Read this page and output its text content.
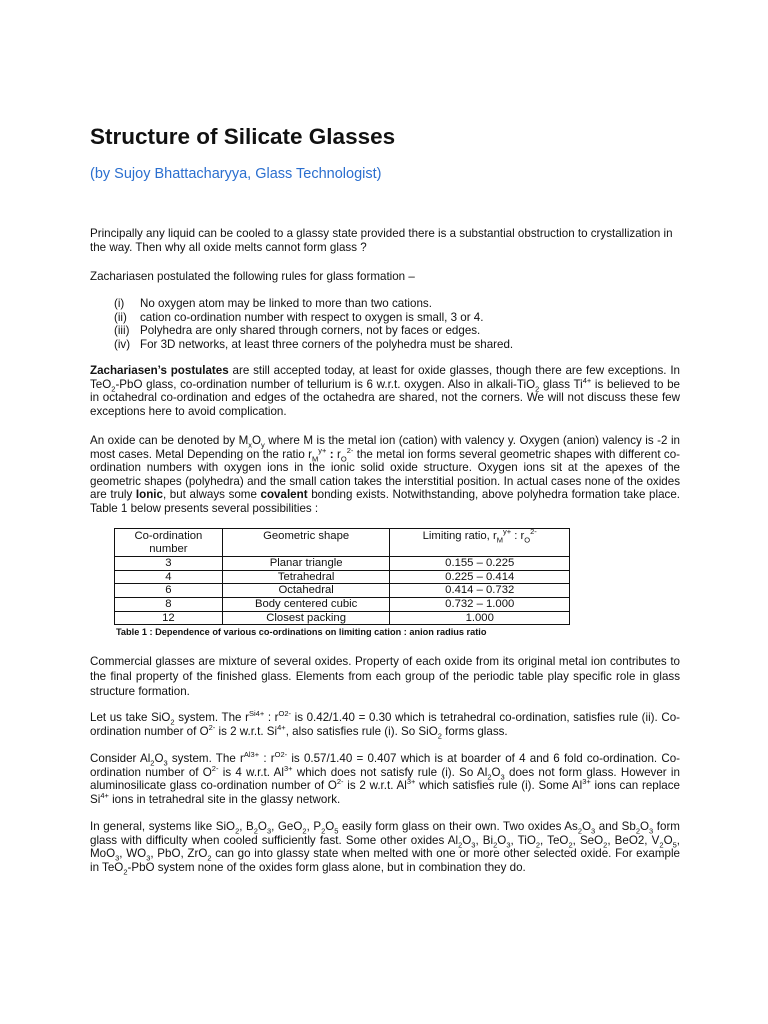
Structure of Silicate Glasses

(by Sujoy Bhattacharyya, Glass Technologist)

Principally any liquid can be cooled to a glassy state provided there is a substantial obstruction to crystallization in the way. Then why all oxide melts cannot form glass ?

Zachariasen postulated the following rules for glass formation –

(i)	No oxygen atom may be linked to more than two cations.
(ii)	cation co-ordination number with respect to oxygen is small, 3 or 4.
(iii) Polyhedra are only shared through corners, not by faces or edges.
(iv) For 3D networks, at least three corners of the polyhedra must be shared.

Zachariasen’s postulates are still accepted today, at least for oxide glasses, though there are few exceptions. In TeO$_2$-PbO glass, co-ordination number of tellurium is 6 w.r.t. oxygen. Also in alkali-TiO$_2$ glass $Ti^{4+}$ is believed to be in octahedral co-ordination and edges of the octahedra are shared, not the corners. We will not discuss these few exceptions here to avoid complication.

An oxide can be denoted by $M_xO_y$ where M is the metal ion (cation) with valency y. Oxygen (anion) valency is -2 in most cases. Metal Depending on the ratio $r_M^{y+}$ : $r_O^{2-}$ the metal ion forms several geometric shapes with different co-ordination numbers with oxygen ions in the ionic solid oxide structure. Oxygen ions sit at the apexes of the geometric shapes (polyhedra) and the small cation takes the interstitial position. In actual cases none of the oxides are truly Ionic, but always some covalent bonding exists. Notwithstanding, above polyhedra formation take place. Table 1 below presents several possibilities :

Co-ordination number	Geometric shape	Limiting ratio, $r_M^{y+}$ : $r_O^{2-}$
3	Planar triangle	0.155 – 0.225
4	Tetrahedral	0.225 – 0.414
6	Octahedral	0.414 – 0.732
8	Body centered cubic	0.732 – 1.000
12	Closest packing	1.000

Table 1 : Dependence of various co-ordinations on limiting cation : anion radius ratio

Commercial glasses are mixture of several oxides. Property of each oxide from its original metal ion contributes to the final property of the finished glass. Elements from each group of the periodic table play specific role in glass structure formation.

Let us take SiO$_2$ system. The $r^{Si4+}$ : $r^{O2-}$ is 0.42/1.40 = 0.30 which is tetrahedral co-ordination, satisfies rule (ii). Co-ordination number of $O^{2-}$ is 2 w.r.t. $Si^{4+}$, also satisfies rule (i). So SiO$_2$ forms glass.

Consider $Al_2O_3$ system. The $r^{Al3+}$ : $r^{O2-}$ is 0.57/1.40 = 0.407 which is at boarder of 4 and 6 fold co-ordination. Co-ordination number of $O^{2-}$ is 4 w.r.t. $Al^{3+}$ which does not satisfy rule (i). So $Al_2O_3$ does not form glass. However in aluminosilicate glass co-ordination number of $O^{2-}$ is 2 w.r.t. $Al^{3+}$ which satisfies rule (i). Some $Al^{3+}$ ions can replace $Si^{4+}$ ions in tetrahedral site in the glassy network.

In general, systems like SiO$_2$, $B_2O_3$, GeO$_2$, $P_2O_5$ easily form glass on their own. Two oxides $As_2O_3$ and $Sb_2O_3$ form glass with difficulty when cooled sufficiently fast. Some other oxides $Al_2O_3$, $Bi_2O_3$, TiO$_2$, TeO$_2$, SeO$_2$, BeO2, $V_2O_5$, MoO$_3$, $WO_3$, PbO, ZrO$_2$ can go into glassy state when melted with one or more other selected oxide. For example in TeO$_2$-PbO system none of the oxides form glass alone, but in combination they do.
